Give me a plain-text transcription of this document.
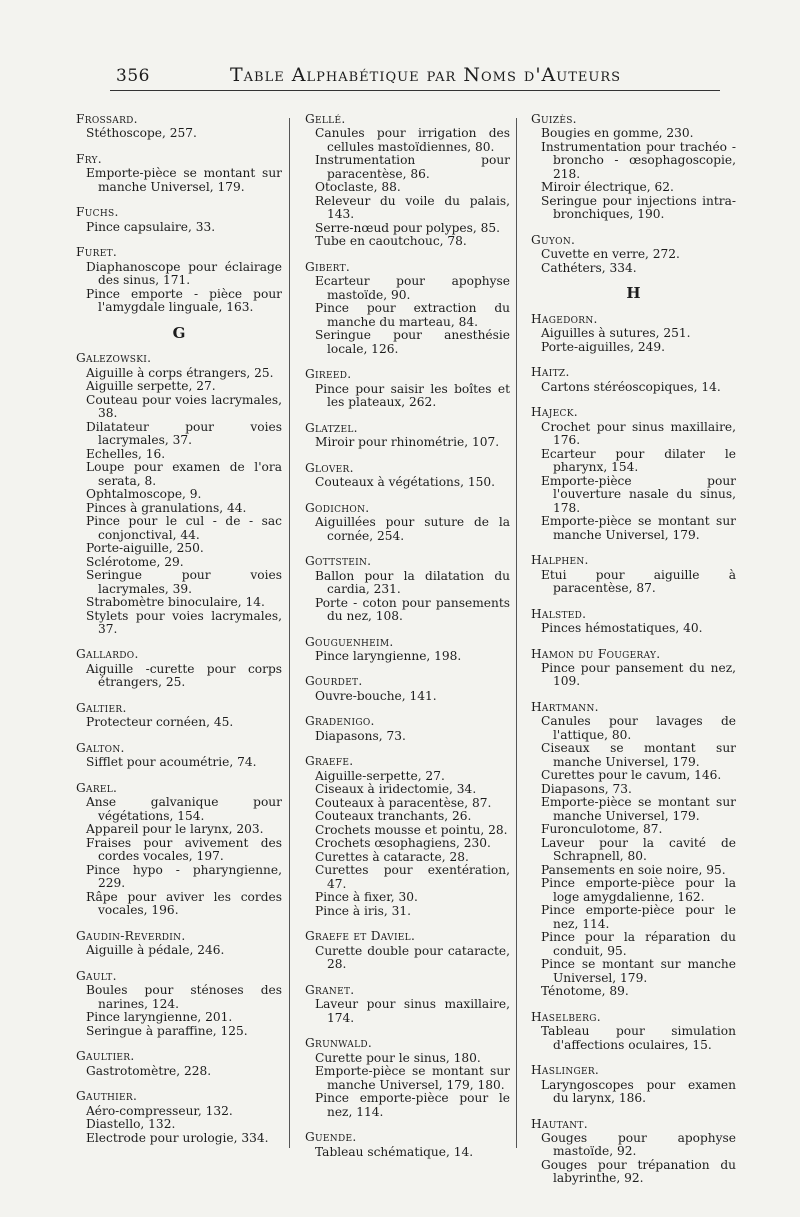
356	Table Alphabétique par Noms d'Auteurs
Frossard.

Stéthoscope, 257.

Fry.

Emporte-pièce se montant sur manche Universel, 179.

Fuchs.

Pince capsulaire, 33.

Furet.

Diaphanoscope pour éclairage des sinus, 171.

Pince emporte - pièce pour l'amygdale linguale, 163.

G
Galezowski.

Aiguille à corps étrangers, 25.

Aiguille serpette, 27.

Couteau pour voies lacrymales, 38.

Dilatateur pour voies lacrymales, 37.

Echelles, 16.

Loupe pour examen de l'ora serata, 8.

Ophtalmoscope, 9.

Pinces à granulations, 44.

Pince pour le cul - de - sac conjonctival, 44.

Porte-aiguille, 250.

Sclérotome, 29.

Seringue pour voies lacrymales, 39.

Strabomètre binoculaire, 14.

Stylets pour voies lacrymales, 37.

Gallardo.

Aiguille -curette pour corps étrangers, 25.

Galtier.

Protecteur cornéen, 45.

Galton.

Sifflet pour acoumétrie, 74.

Garel.

Anse galvanique pour végétations, 154.

Appareil pour le larynx, 203.

Fraises pour avivement des cordes vocales, 197.

Pince hypo - pharyngienne, 229.

Râpe pour aviver les cordes vocales, 196.

Gaudin-Reverdin.

Aiguille à pédale, 246.

Gault.

Boules pour sténoses des narines, 124.

Pince laryngienne, 201.

Seringue à paraffine, 125.

Gaultier.

Gastrotomètre, 228.

Gauthier.

Aéro-compresseur, 132.

Diastello, 132.

Electrode pour urologie, 334.

Gellé.

Canules pour irrigation des cellules mastoïdiennes, 80.

Instrumentation pour paracentèse, 86.

Otoclaste, 88.

Releveur du voile du palais, 143.

Serre-nœud pour polypes, 85.

Tube en caoutchouc, 78.

Gibert.

Ecarteur pour apophyse mastoïde, 90.

Pince pour extraction du manche du marteau, 84.

Seringue pour anesthésie locale, 126.

Gireed.

Pince pour saisir les boîtes et les plateaux, 262.

Glatzel.

Miroir pour rhinométrie, 107.

Glover.

Couteaux à végétations, 150.

Godichon.

Aiguillées pour suture de la cornée, 254.

Gottstein.

Ballon pour la dilatation du cardia, 231.

Porte - coton pour pansements du nez, 108.

Gouguenheim.

Pince laryngienne, 198.

Gourdet.

Ouvre-bouche, 141.

Gradenigo.

Diapasons, 73.

Graefe.

Aiguille-serpette, 27.

Ciseaux à iridectomie, 34.

Couteaux à paracentèse, 87.

Couteaux tranchants, 26.

Crochets mousse et pointu, 28.

Crochets œsophagiens, 230.

Curettes à cataracte, 28.

Curettes pour exentération, 47.

Pince à fixer, 30.

Pince à iris, 31.

Graefe et Daviel.

Curette double pour cataracte, 28.

Granet.

Laveur pour sinus maxillaire, 174.

Grunwald.

Curette pour le sinus, 180.

Emporte-pièce se montant sur manche Universel, 179, 180.

Pince emporte-pièce pour le nez, 114.

Guende.

Tableau schématique, 14.

Guizès.

Bougies en gomme, 230.

Instrumentation pour trachéo - broncho - œsophagoscopie, 218.

Miroir électrique, 62.

Seringue pour injections intra-bronchiques, 190.

Guyon.

Cuvette en verre, 272.

Cathéters, 334.

H
Hagedorn.

Aiguilles à sutures, 251.

Porte-aiguilles, 249.

Haitz.

Cartons stéréoscopiques, 14.

Hajeck.

Crochet pour sinus maxillaire, 176.

Ecarteur pour dilater le pharynx, 154.

Emporte-pièce pour l'ouverture nasale du sinus, 178.

Emporte-pièce se montant sur manche Universel, 179.

Halphen.

Etui pour aiguille à paracentèse, 87.

Halsted.

Pinces hémostatiques, 40.

Hamon du Fougeray.

Pince pour pansement du nez, 109.

Hartmann.

Canules pour lavages de l'attique, 80.

Ciseaux se montant sur manche Universel, 179.

Curettes pour le cavum, 146.

Diapasons, 73.

Emporte-pièce se montant sur manche Universel, 179.

Furonculotome, 87.

Laveur pour la cavité de Schrapnell, 80.

Pansements en soie noire, 95.

Pince emporte-pièce pour la loge amygdalienne, 162.

Pince emporte-pièce pour le nez, 114.

Pince pour la réparation du conduit, 95.

Pince se montant sur manche Universel, 179.

Ténotome, 89.

Haselberg.

Tableau pour simulation d'affections oculaires, 15.

Haslinger.

Laryngoscopes pour examen du larynx, 186.

Hautant.

Gouges pour apophyse mastoïde, 92.

Gouges pour trépanation du labyrinthe, 92.
